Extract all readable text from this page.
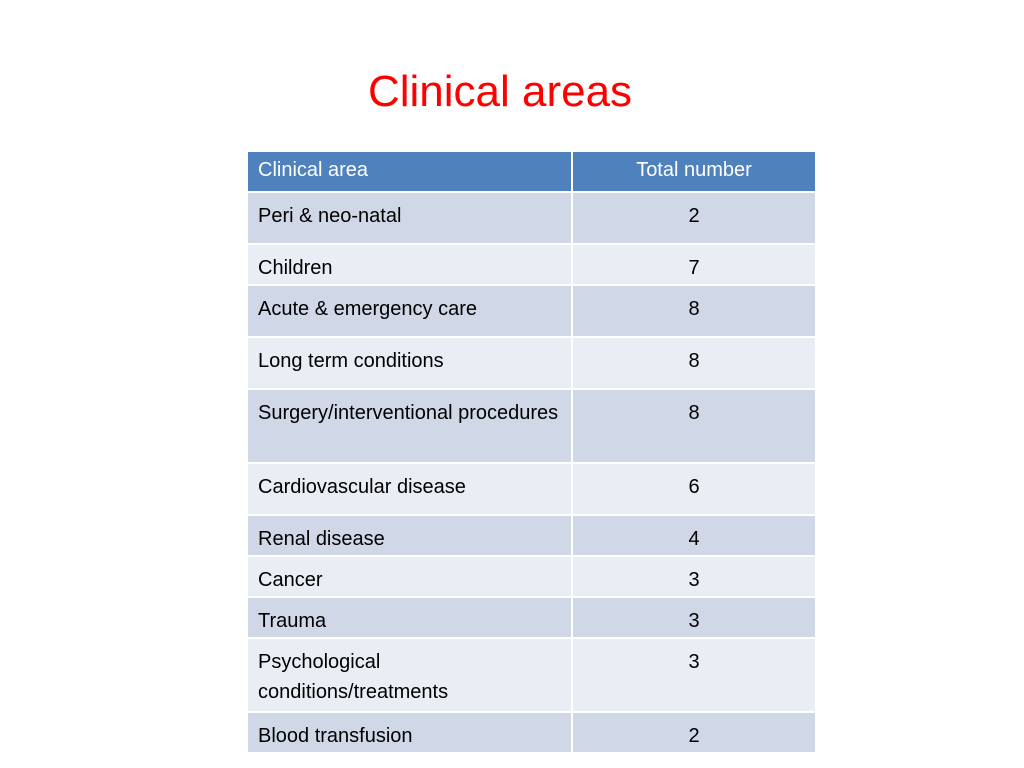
Clinical areas
Clinical area	Total number
Peri & neo-natal	2
Children	7
Acute & emergency care	8
Long term conditions	8
Surgery/interventional procedures	8
Cardiovascular disease	6
Renal disease	4
Cancer	3
Trauma	3
Psychological conditions/treatments	3
Blood transfusion	2
